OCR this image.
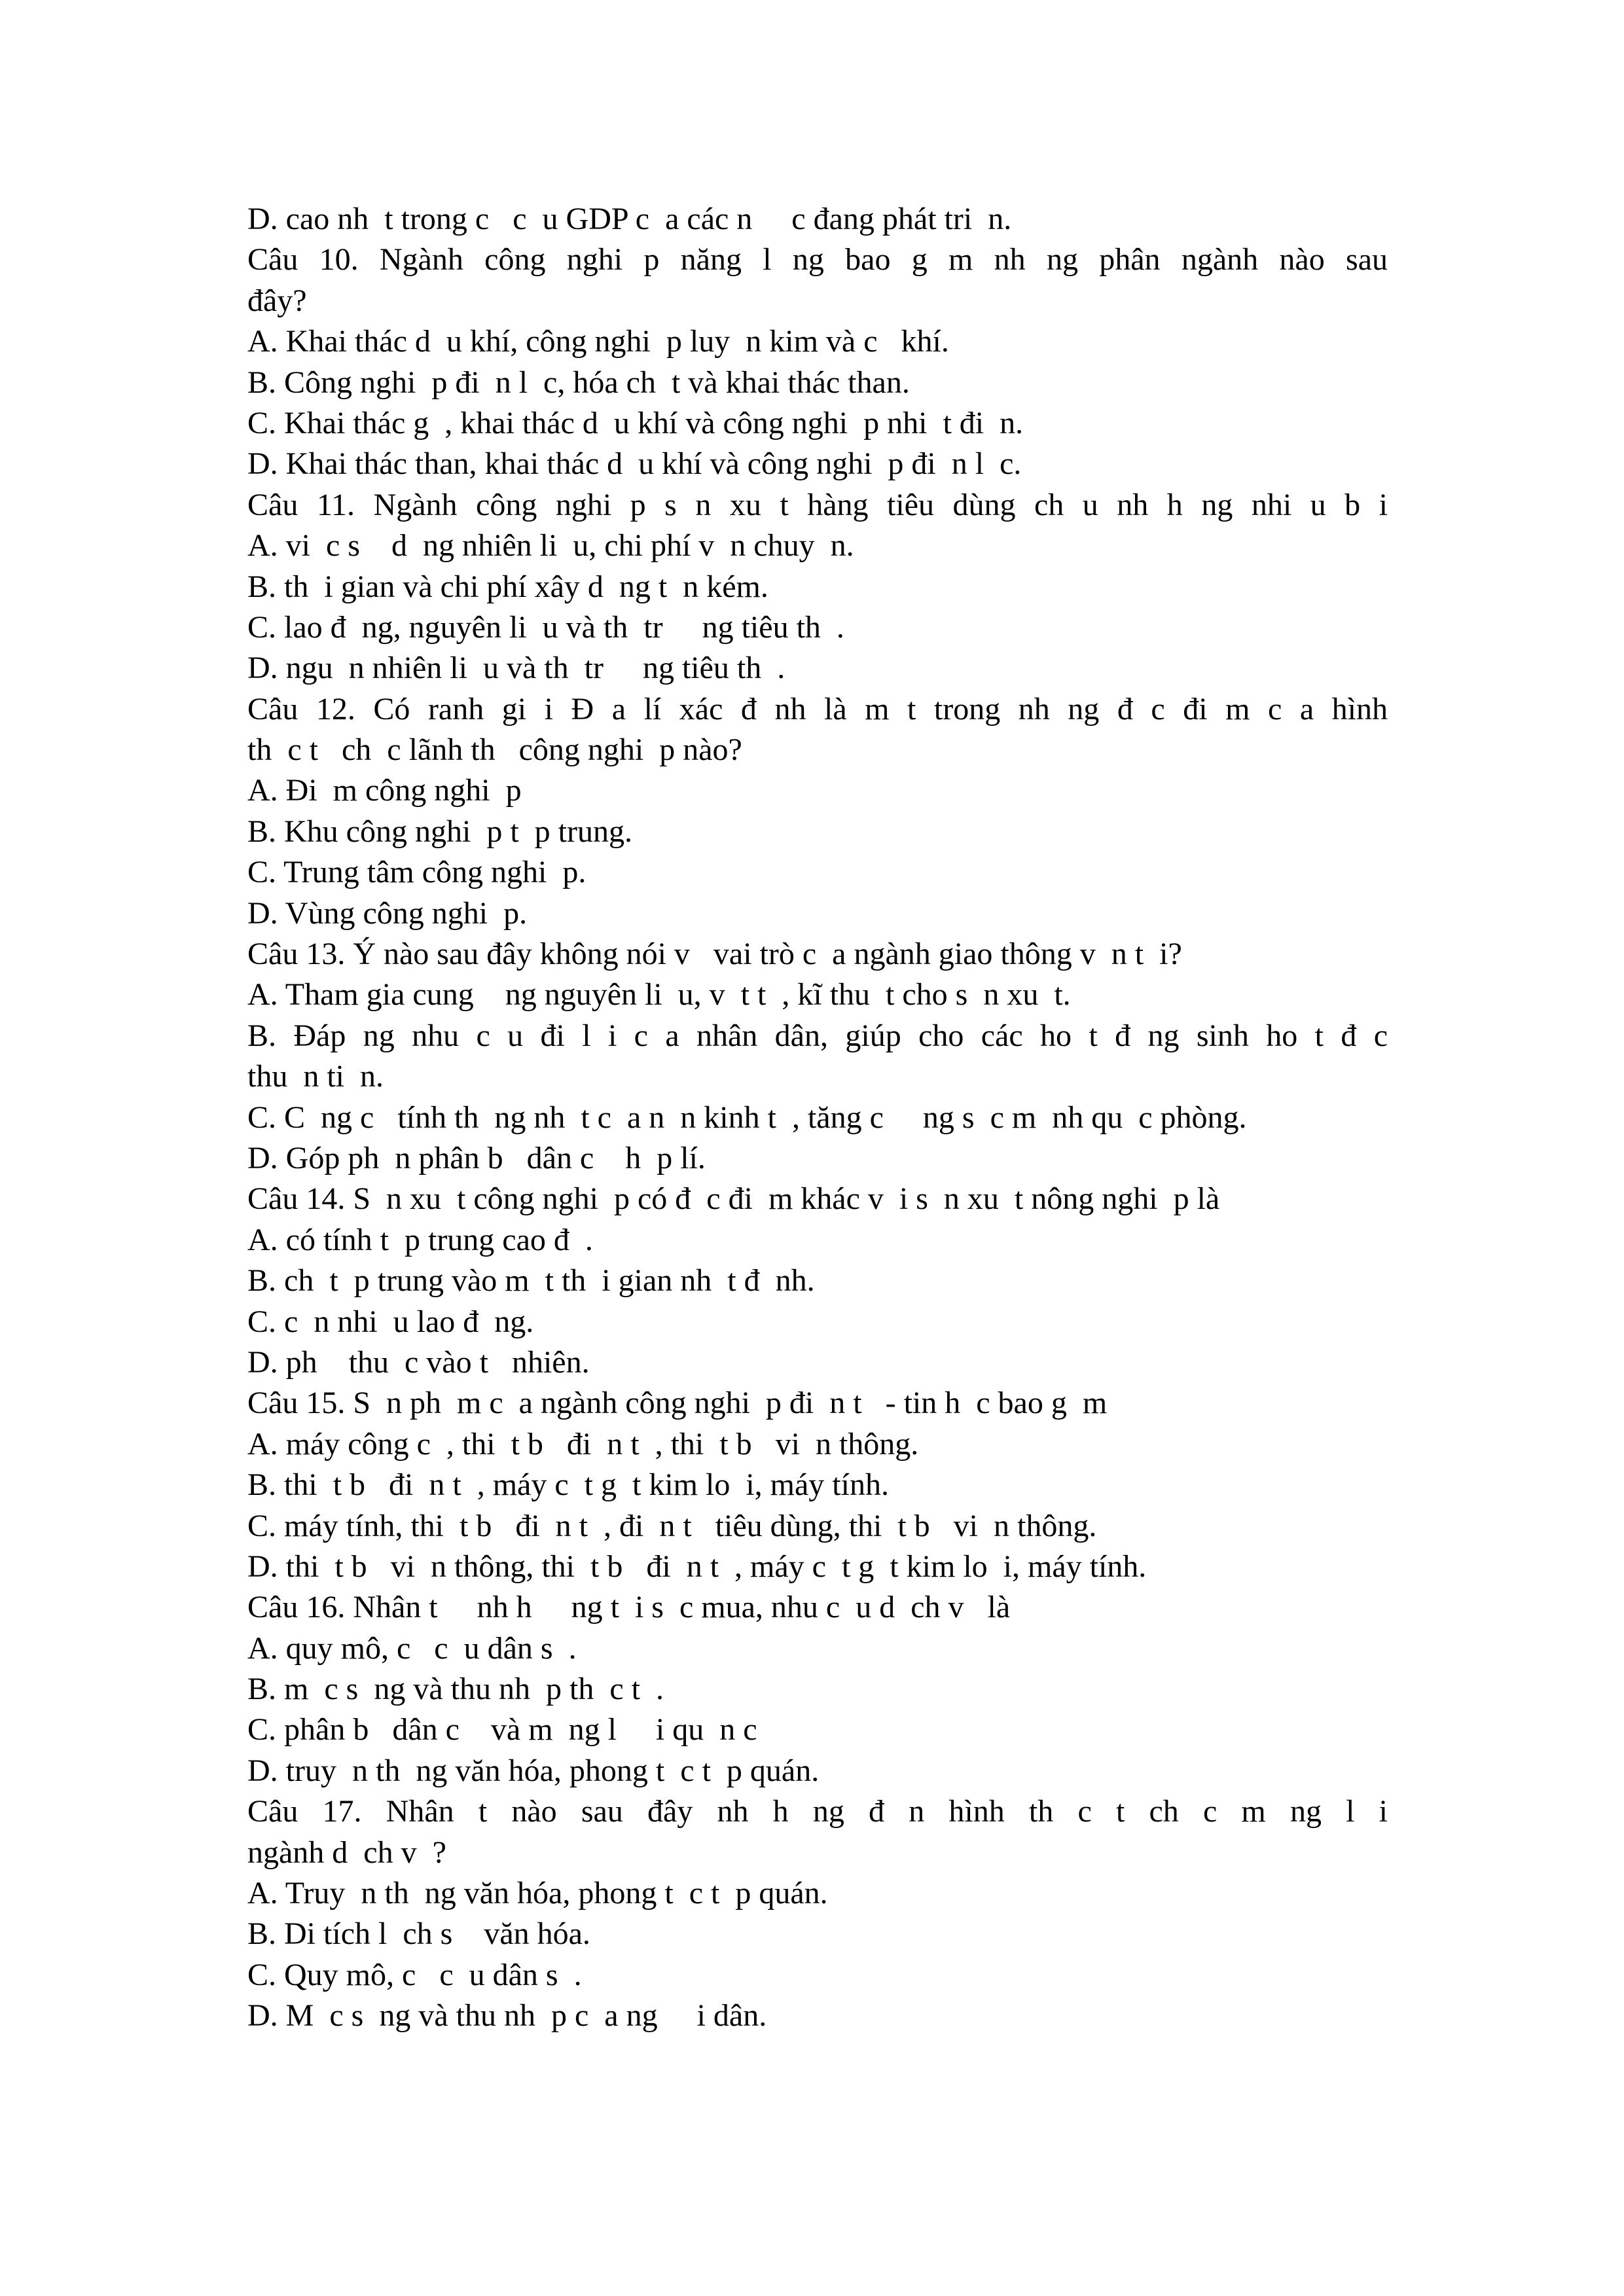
D. cao nh  t trong c   c  u GDP c  a các n     c đang phát tri  n.
Câu 10. Ngành công nghi p năng l ng bao g m nh ng phân ngành nào sau
đây?
A. Khai thác d  u khí, công nghi  p luy  n kim và c   khí.
B. Công nghi  p đi  n l  c, hóa ch  t và khai thác than.
C. Khai thác g  , khai thác d  u khí và công nghi  p nhi  t đi  n.
D. Khai thác than, khai thác d  u khí và công nghi  p đi  n l  c.
Câu 11. Ngành công nghi p s n xu t hàng tiêu dùng ch u nh h ng nhi u b i
A. vi  c s    d  ng nhiên li  u, chi phí v  n chuy  n.
B. th  i gian và chi phí xây d  ng t  n kém.
C. lao đ  ng, nguyên li  u và th  tr     ng tiêu th  .
D. ngu  n nhiên li  u và th  tr     ng tiêu th  .
Câu 12. Có ranh gi i Đ a lí xác đ nh là m t trong nh ng đ c đi m c a hình
th  c t   ch  c lãnh th   công nghi  p nào?
A. Đi  m công nghi  p
B. Khu công nghi  p t  p trung.
C. Trung tâm công nghi  p.
D. Vùng công nghi  p.
Câu 13. Ý nào sau đây không nói v   vai trò c  a ngành giao thông v  n t  i?
A. Tham gia cung    ng nguyên li  u, v  t t  , kĩ thu  t cho s  n xu  t.
B. Đáp ng nhu c u đi l i c a nhân dân, giúp cho các ho t đ ng sinh ho t đ c
thu  n ti  n.
C. C  ng c   tính th  ng nh  t c  a n  n kinh t  , tăng c     ng s  c m  nh qu  c phòng.
D. Góp ph  n phân b   dân c    h  p lí.
Câu 14. S  n xu  t công nghi  p có đ  c đi  m khác v  i s  n xu  t nông nghi  p là
A. có tính t  p trung cao đ  .
B. ch  t  p trung vào m  t th  i gian nh  t đ  nh.
C. c  n nhi  u lao đ  ng.
D. ph    thu  c vào t   nhiên.
Câu 15. S  n ph  m c  a ngành công nghi  p đi  n t   - tin h  c bao g  m
A. máy công c  , thi  t b   đi  n t  , thi  t b   vi  n thông.
B. thi  t b   đi  n t  , máy c  t g  t kim lo  i, máy tính.
C. máy tính, thi  t b   đi  n t  , đi  n t   tiêu dùng, thi  t b   vi  n thông.
D. thi  t b   vi  n thông, thi  t b   đi  n t  , máy c  t g  t kim lo  i, máy tính.
Câu 16. Nhân t     nh h     ng t  i s  c mua, nhu c  u d  ch v   là
A. quy mô, c   c  u dân s  .
B. m  c s  ng và thu nh  p th  c t  .
C. phân b   dân c    và m  ng l     i qu  n c
D. truy  n th  ng văn hóa, phong t  c t  p quán.
Câu 17. Nhân t nào sau đây nh h ng đ n hình th c t ch c m ng l i
ngành d  ch v  ?
A. Truy  n th  ng văn hóa, phong t  c t  p quán.
B. Di tích l  ch s    văn hóa.
C. Quy mô, c   c  u dân s  .
D. M  c s  ng và thu nh  p c  a ng     i dân.
